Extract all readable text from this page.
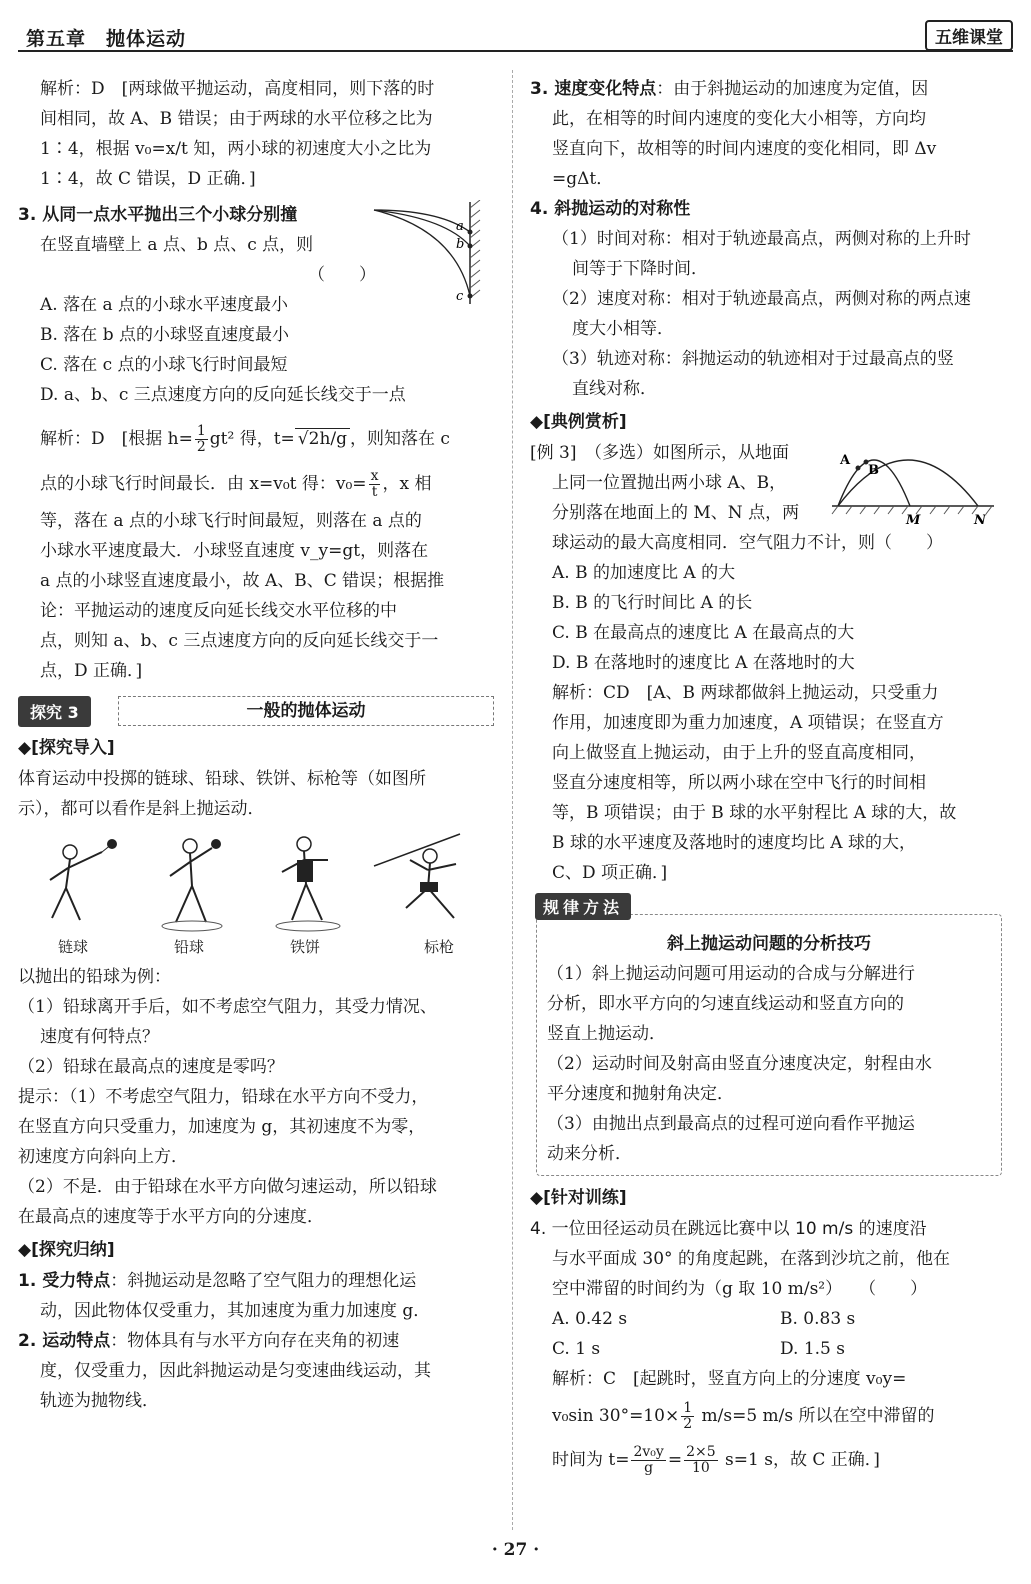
第五章　抛体运动	五维课堂

解析：D　[两球做平抛运动，高度相同，则下落的时

间相同，故 A、B 错误；由于两球的水平位移之比为

1∶4，根据 v₀=x/t 知，两小球的初速度大小之比为

1∶4，故 C 错误，D 正确．]

a
b
c

3. 从同一点水平抛出三个小球分别撞

在竖直墙壁上 a 点、b 点、c 点，则

（　　）

A. 落在 a 点的小球水平速度最小

B. 落在 b 点的小球竖直速度最小

C. 落在 c 点的小球飞行时间最短

D. a、b、c 三点速度方向的反向延长线交于一点

解析：D　[根据 $h= \frac{1}{2} gt^2$ 得，t= √2h/g ，则知落在 c

点的小球飞行时间最长．由 x=v₀t 得：$v_0= \frac{x}{t}$ ，x 相

等，落在 a 点的小球飞行时间最短，则落在 a 点的

小球水平速度最大．小球竖直速度 v_y=gt，则落在

a 点的小球竖直速度最小，故 A、B、C 错误；根据推

论：平抛运动的速度反向延长线交水平位移的中

点，则知 a、b、c 三点速度方向的反向延长线交于一

点，D 正确．]

探究 3	一般的抛体运动

◆[探究导入]

体育运动中投掷的链球、铅球、铁饼、标枪等（如图所

示），都可以看作是斜上抛运动．

链球	铅球	铁饼	标枪

以抛出的铅球为例：

（1）铅球离开手后，如不考虑空气阻力，其受力情况、

速度有何特点？

（2）铅球在最高点的速度是零吗？

提示：（1）不考虑空气阻力，铅球在水平方向不受力，

在竖直方向只受重力，加速度为 g，其初速度不为零，

初速度方向斜向上方．

（2）不是．由于铅球在水平方向做匀速运动，所以铅球

在最高点的速度等于水平方向的分速度．

◆[探究归纳]

1. 受力特点：斜抛运动是忽略了空气阻力的理想化运

动，因此物体仅受重力，其加速度为重力加速度 g．

2. 运动特点：物体具有与水平方向存在夹角的初速

度，仅受重力，因此斜抛运动是匀变速曲线运动，其

轨迹为抛物线．

3. 速度变化特点：由于斜抛运动的加速度为定值，因

此，在相等的时间内速度的变化大小相等，方向均

竖直向下，故相等的时间内速度的变化相同，即 Δv

=gΔt．

4. 斜抛运动的对称性

（1）时间对称：相对于轨迹最高点，两侧对称的上升时

间等于下降时间．

（2）速度对称：相对于轨迹最高点，两侧对称的两点速

度大小相等．

（3）轨迹对称：斜抛运动的轨迹相对于过最高点的竖

直线对称．

◆[典例赏析]

A
B
M	N

[例 3]　（多选）如图所示，从地面

上同一位置抛出两小球 A、B，

分别落在地面上的 M、N 点，两

球运动的最大高度相同．空气阻力不计，则（　　）

A. B 的加速度比 A 的大

B. B 的飞行时间比 A 的长

C. B 在最高点的速度比 A 在最高点的大

D. B 在落地时的速度比 A 在落地时的大

解析：CD　[A、B 两球都做斜上抛运动，只受重力

作用，加速度即为重力加速度，A 项错误；在竖直方

向上做竖直上抛运动，由于上升的竖直高度相同，

竖直分速度相等，所以两小球在空中飞行的时间相

等，B 项错误；由于 B 球的水平射程比 A 球的大，故

B 球的水平速度及落地时的速度均比 A 球的大，

C、D 项正确．]

规律方法
斜上抛运动问题的分析技巧

（1）斜上抛运动问题可用运动的合成与分解进行

分析，即水平方向的匀速直线运动和竖直方向的

竖直上抛运动．

（2）运动时间及射高由竖直分速度决定，射程由水

平分速度和抛射角决定．

（3）由抛出点到最高点的过程可逆向看作平抛运

动来分析．

◆[针对训练]

4. 一位田径运动员在跳远比赛中以 10 m/s 的速度沿

与水平面成 30° 的角度起跳，在落到沙坑之前，他在

空中滞留的时间约为（g 取 10 m/s²）　　（　　）

A. 0.42 s	B. 0.83 s
C. 1 s	D. 1.5 s

解析：C　[起跳时，竖直方向上的分速度 v₀y=

v₀sin $30^\circ=10\times \frac{1}{2} m/s=5$ m/s 所以在空中滞留的

时间为 $t= \frac{\text{2v₀y}}{g} = \frac{2\times 5}{10} s=1$ s，故 C 正确．]

· 27 ·
